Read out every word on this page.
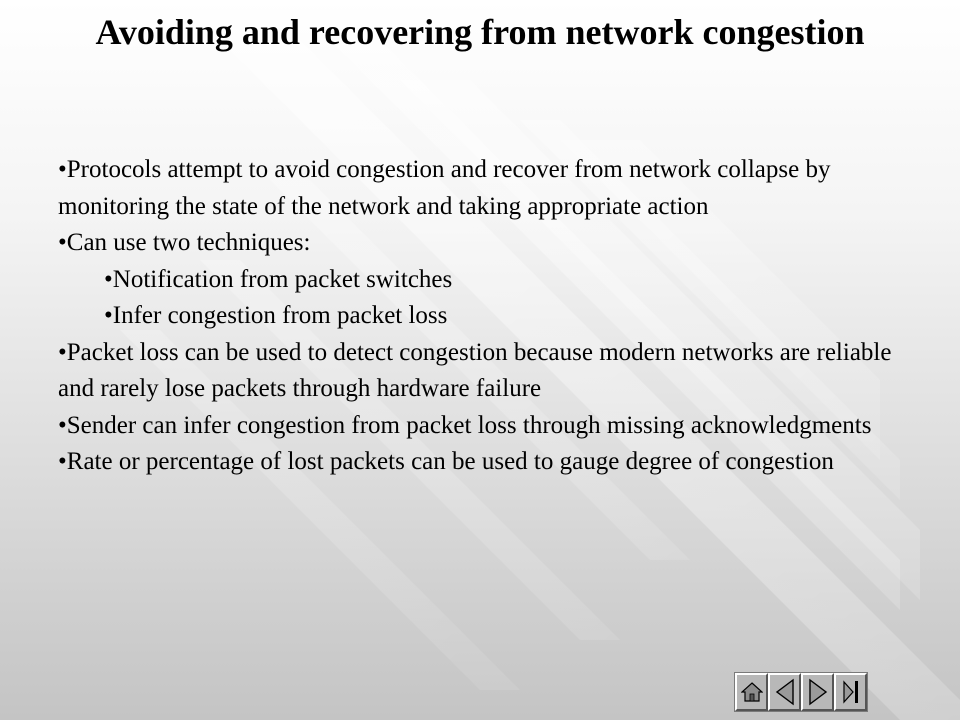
Avoiding and recovering from network congestion

•Protocols attempt to avoid congestion and recover from network collapse by monitoring the state of the network and taking appropriate action

•Can use two techniques:

•Notification from packet switches

•Infer congestion from packet loss

•Packet loss can be used to detect congestion because modern networks are reliable and rarely lose packets through hardware failure

•Sender can infer congestion from packet loss through missing acknowledgments

•Rate or percentage of lost packets can be used to gauge degree of congestion
